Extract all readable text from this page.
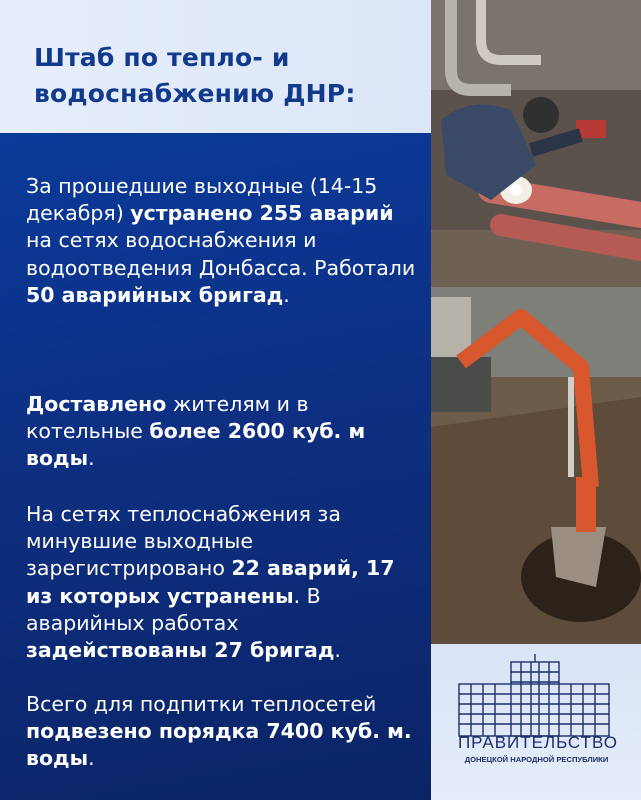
Штаб по тепло- и
водоснабжению ДНР:

За прошедшие выходные (14-15 декабря) устранено 255 аварий на сетях водоснабжения и водоотведения Донбасса. Работали 50 аварийных бригад.

Доставлено жителям и в котельные более 2600 куб. м воды.

На сетях теплоснабжения за минувшие выходные зарегистрировано 22 аварий, 17 из которых устранены. В аварийных работах задействованы 27 бригад.

Всего для подпитки теплосетей подвезено порядка 7400 куб. м. воды.

ПРАВИТЕЛЬСТВО
ДОНЕЦКОЙ НАРОДНОЙ РЕСПУБЛИКИ
